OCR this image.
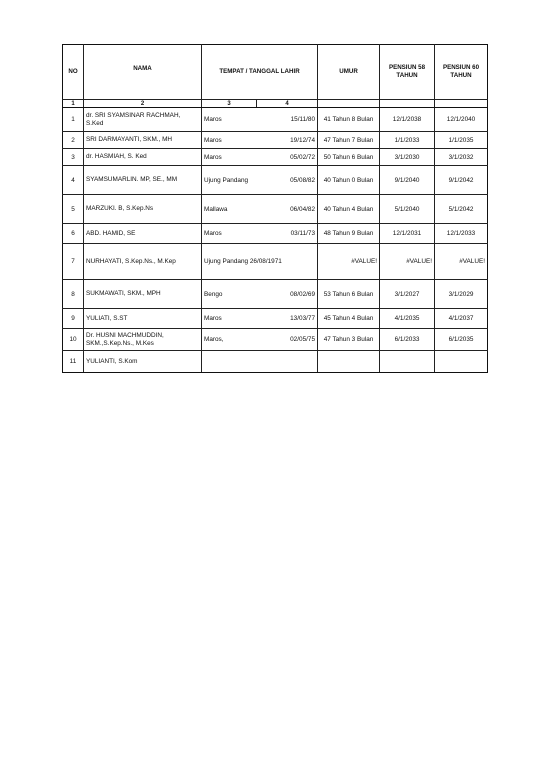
NO	NAMA	TEMPAT / TANGGAL LAHIR		UMUR	PENSIUN 58 TAHUN	PENSIUN 60 TAHUN
1	2	3	4			
1	dr. SRI SYAMSINAR RACHMAH, S.Ked	Maros	15/11/80	41 Tahun 8 Bulan	12/1/2038	12/1/2040
2	SRI DARMAYANTI, SKM., MH	Maros	19/12/74	47 Tahun 7 Bulan	1/1/2033	1/1/2035
3	dr. HASMIAH, S. Ked	Maros	05/02/72	50 Tahun 6 Bulan	3/1/2030	3/1/2032
4	SYAMSUMARLIN. MP, SE., MM	Ujung Pandang	05/08/82	40 Tahun 0 Bulan	9/1/2040	9/1/2042
5	MARZUKI. B, S.Kep.Ns	Mallawa	06/04/82	40 Tahun 4 Bulan	5/1/2040	5/1/2042
6	ABD. HAMID, SE	Maros	03/11/73	48 Tahun 9 Bulan	12/1/2031	12/1/2033
7	NURHAYATI, S.Kep.Ns., M.Kep	Ujung Pandang 26/08/1971		#VALUE!	#VALUE!	#VALUE!
8	SUKMAWATI, SKM., MPH	Bengo	08/02/69	53 Tahun 6 Bulan	3/1/2027	3/1/2029
9	YULIATI, S.ST	Maros	13/03/77	45 Tahun 4 Bulan	4/1/2035	4/1/2037
10	Dr. HUSNI MACHMUDDIN, SKM.,S.Kep.Ns., M.Kes	Maros,	02/05/75	47 Tahun 3 Bulan	6/1/2033	6/1/2035
11	YULIANTI, S.Kom					
